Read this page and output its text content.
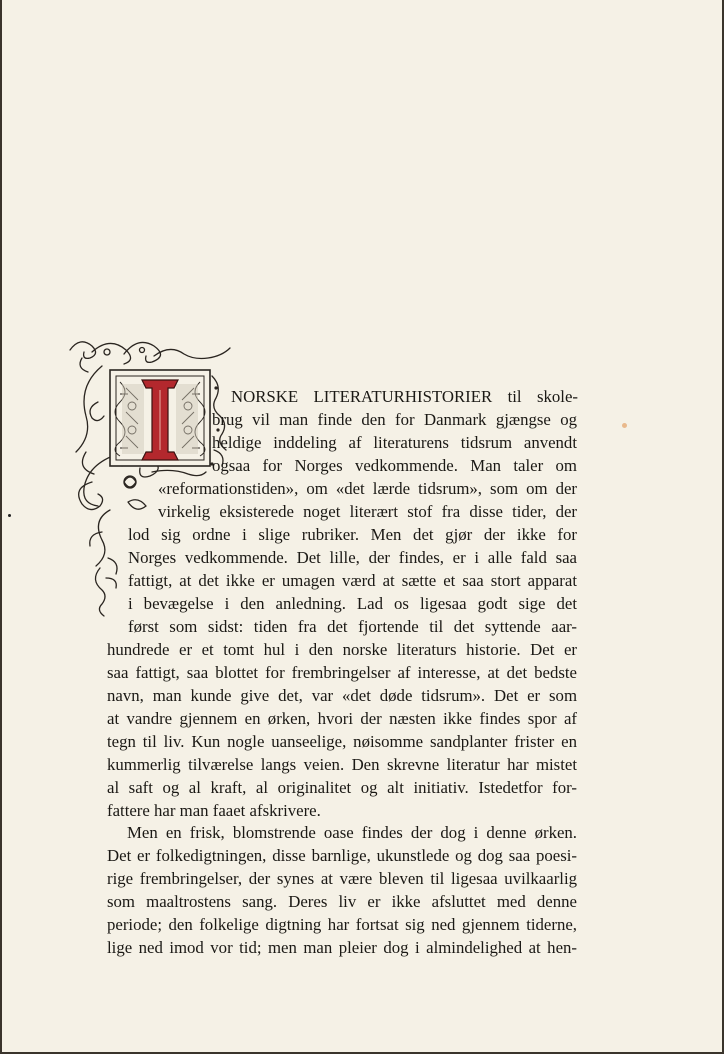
NORSKE LITERATURHISTORIER til skole-
brug vil man finde den for Danmark gjængse og
heldige inddeling af literaturens tidsrum anvendt
ogsaa for Norges vedkommende. Man taler om
«reformationstiden», om «det lærde tidsrum», som om der
virkelig eksisterede noget literært stof fra disse tider, der
lod sig ordne i slige rubriker. Men det gjør der ikke for
Norges vedkommende. Det lille, der findes, er i alle fald saa
fattigt, at det ikke er umagen værd at sætte et saa stort apparat
i bevægelse i den anledning. Lad os ligesaa godt sige det
først som sidst: tiden fra det fjortende til det syttende aar-
hundrede er et tomt hul i den norske literaturs historie. Det er
saa fattigt, saa blottet for frembringelser af interesse, at det bedste
navn, man kunde give det, var «det døde tidsrum». Det er som
at vandre gjennem en ørken, hvori der næsten ikke findes spor af
tegn til liv. Kun nogle uanseelige, nøisomme sandplanter frister en
kummerlig tilværelse langs veien. Den skrevne literatur har mistet
al saft og al kraft, al originalitet og alt initiativ. Istedetfor for-
fattere har man faaet afskrivere.
Men en frisk, blomstrende oase findes der dog i denne ørken.
Det er folkedigtningen, disse barnlige, ukunstlede og dog saa poesi-
rige frembringelser, der synes at være bleven til ligesaa uvilkaarlig
som maaltrostens sang. Deres liv er ikke afsluttet med denne
periode; den folkelige digtning har fortsat sig ned gjennem tiderne,
lige ned imod vor tid; men man pleier dog i almindelighed at hen-
